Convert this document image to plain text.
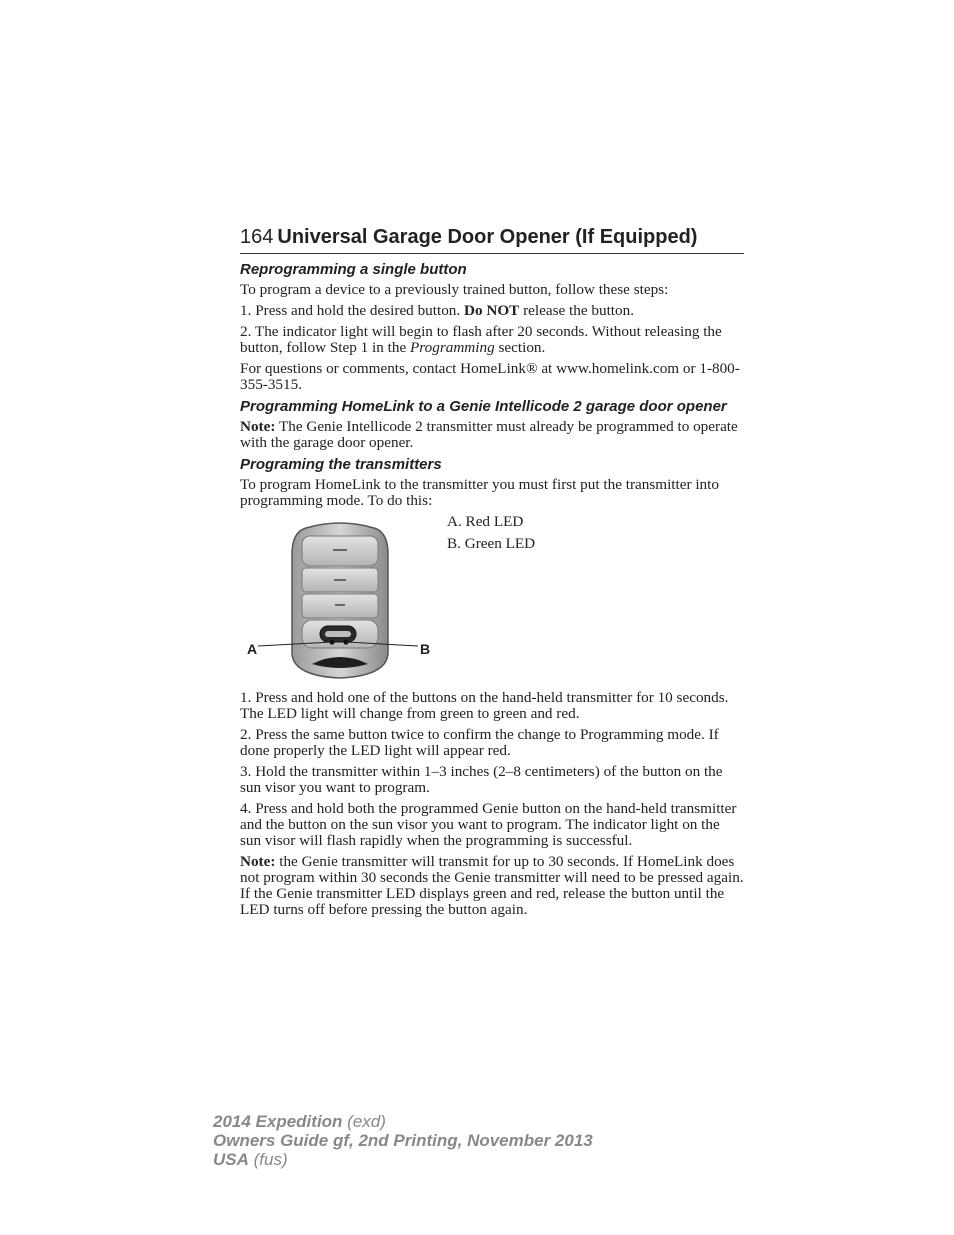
164 Universal Garage Door Opener (If Equipped)
Reprogramming a single button

To program a device to a previously trained button, follow these steps:

1. Press and hold the desired button. Do NOT release the button.

2. The indicator light will begin to flash after 20 seconds. Without releasing the button, follow Step 1 in the Programming section.

For questions or comments, contact HomeLink® at www.homelink.com or 1-800-355-3515.

Programming HomeLink to a Genie Intellicode 2 garage door opener

Note: The Genie Intellicode 2 transmitter must already be programmed to operate with the garage door opener.

Programing the transmitters

To program HomeLink to the transmitter you must first put the transmitter into programming mode. To do this:

A	B

A. Red LED

B. Green LED

1. Press and hold one of the buttons on the hand-held transmitter for 10 seconds. The LED light will change from green to green and red.

2. Press the same button twice to confirm the change to Programming mode. If done properly the LED light will appear red.

3. Hold the transmitter within 1–3 inches (2–8 centimeters) of the button on the sun visor you want to program.

4. Press and hold both the programmed Genie button on the hand-held transmitter and the button on the sun visor you want to program. The indicator light on the sun visor will flash rapidly when the programming is successful.

Note: the Genie transmitter will transmit for up to 30 seconds. If HomeLink does not program within 30 seconds the Genie transmitter will need to be pressed again. If the Genie transmitter LED displays green and red, release the button until the LED turns off before pressing the button again.

2014 Expedition (exd)
Owners Guide gf, 2nd Printing, November 2013
USA (fus)
